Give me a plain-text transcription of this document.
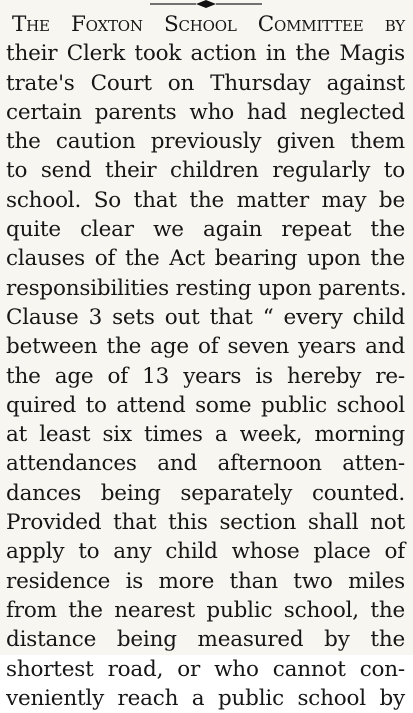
The Foxton School Committee by
their Clerk took action in the Magis
trate's Court on Thursday against
certain parents who had neglected
the caution previously given them
to send their children regularly to
school. So that the matter may be
quite clear we again repeat the
clauses of the Act bearing upon the
responsibilities resting upon parents.
Clause 3 sets out that “ every child
between the age of seven years and
the age of 13 years is hereby re-
quired to attend some public school
at least six times a week, morning
attendances and afternoon atten-
dances being separately counted.
Provided that this section shall not
apply to any child whose place of
residence is more than two miles
from the nearest public school, the
distance being measured by the
shortest road, or who cannot con-
veniently reach a public school by
